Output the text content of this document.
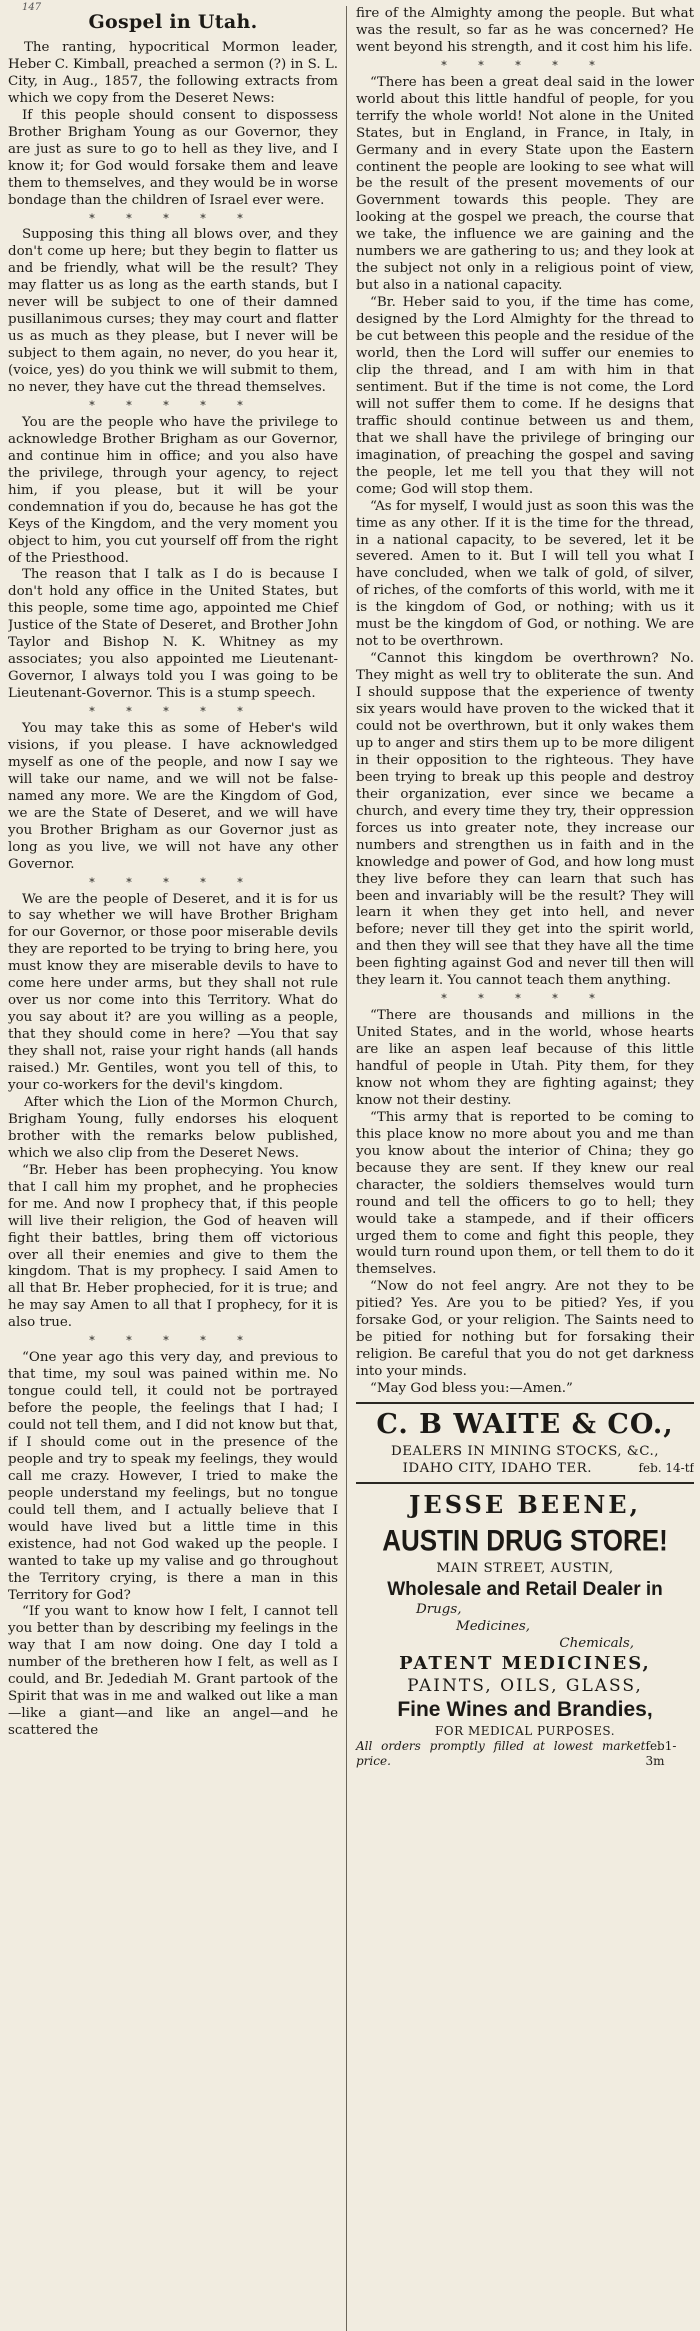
147
Gospel in Utah.

The ranting, hypocritical Mormon leader, Heber C. Kimball, preached a sermon (?) in S. L. City, in Aug., 1857, the following extracts from which we copy from the Deseret News:

If this people should consent to dispossess Brother Brigham Young as our Governor, they are just as sure to go to hell as they live, and I know it; for God would forsake them and leave them to themselves, and they would be in worse bondage than the children of Israel ever were.

* * * * *

Supposing this thing all blows over, and they don't come up here; but they begin to flatter us and be friendly, what will be the result? They may flatter us as long as the earth stands, but I never will be subject to one of their damned pusillanimous curses; they may court and flatter us as much as they please, but I never will be subject to them again, no never, do you hear it, (voice, yes) do you think we will submit to them, no never, they have cut the thread themselves.

* * * * *

You are the people who have the privilege to acknowledge Brother Brigham as our Governor, and continue him in office; and you also have the privilege, through your agency, to reject him, if you please, but it will be your condemnation if you do, because he has got the Keys of the Kingdom, and the very moment you object to him, you cut yourself off from the right of the Priesthood.

The reason that I talk as I do is because I don't hold any office in the United States, but this people, some time ago, appointed me Chief Justice of the State of Deseret, and Brother John Taylor and Bishop N. K. Whitney as my associates; you also appointed me Lieutenant-Governor, I always told you I was going to be Lieutenant-Governor. This is a stump speech.

* * * * *

You may take this as some of Heber's wild visions, if you please. I have acknowledged myself as one of the people, and now I say we will take our name, and we will not be false-named any more. We are the Kingdom of God, we are the State of Deseret, and we will have you Brother Brigham as our Governor just as long as you live, we will not have any other Governor.

* * * * *

We are the people of Deseret, and it is for us to say whether we will have Brother Brigham for our Governor, or those poor miserable devils they are reported to be trying to bring here, you must know they are miserable devils to have to come here under arms, but they shall not rule over us nor come into this Territory. What do you say about it? are you willing as a people, that they should come in here? —You that say they shall not, raise your right hands (all hands raised.) Mr. Gentiles, wont you tell of this, to your co-workers for the devil's kingdom.

After which the Lion of the Mormon Church, Brigham Young, fully endorses his eloquent brother with the remarks below published, which we also clip from the Deseret News.

“Br. Heber has been prophecying. You know that I call him my prophet, and he prophecies for me. And now I prophecy that, if this people will live their religion, the God of heaven will fight their battles, bring them off victorious over all their enemies and give to them the kingdom. That is my prophecy. I said Amen to all that Br. Heber prophecied, for it is true; and he may say Amen to all that I prophecy, for it is also true.

* * * * *

“One year ago this very day, and previous to that time, my soul was pained within me. No tongue could tell, it could not be portrayed before the people, the feelings that I had; I could not tell them, and I did not know but that, if I should come out in the presence of the people and try to speak my feelings, they would call me crazy. However, I tried to make the people understand my feelings, but no tongue could tell them, and I actually believe that I would have lived but a little time in this existence, had not God waked up the people. I wanted to take up my valise and go throughout the Territory crying, is there a man in this Territory for God?

“If you want to know how I felt, I cannot tell you better than by describing my feelings in the way that I am now doing. One day I told a number of the bretheren how I felt, as well as I could, and Br. Jedediah M. Grant partook of the Spirit that was in me and walked out like a man—like a giant—and like an angel—and he scattered the

fire of the Almighty among the people. But what was the result, so far as he was concerned? He went beyond his strength, and it cost him his life.

* * * * *

“There has been a great deal said in the lower world about this little handful of people, for you terrify the whole world! Not alone in the United States, but in England, in France, in Italy, in Germany and in every State upon the Eastern continent the people are looking to see what will be the result of the present movements of our Government towards this people. They are looking at the gospel we preach, the course that we take, the influence we are gaining and the numbers we are gathering to us; and they look at the subject not only in a religious point of view, but also in a national capacity.

“Br. Heber said to you, if the time has come, designed by the Lord Almighty for the thread to be cut between this people and the residue of the world, then the Lord will suffer our enemies to clip the thread, and I am with him in that sentiment. But if the time is not come, the Lord will not suffer them to come. If he designs that traffic should continue between us and them, that we shall have the privilege of bringing our imagination, of preaching the gospel and saving the people, let me tell you that they will not come; God will stop them.

“As for myself, I would just as soon this was the time as any other. If it is the time for the thread, in a national capacity, to be severed, let it be severed. Amen to it. But I will tell you what I have concluded, when we talk of gold, of silver, of riches, of the comforts of this world, with me it is the kingdom of God, or nothing; with us it must be the kingdom of God, or nothing. We are not to be overthrown.

“Cannot this kingdom be overthrown? No. They might as well try to obliterate the sun. And I should suppose that the experience of twenty six years would have proven to the wicked that it could not be overthrown, but it only wakes them up to anger and stirs them up to be more diligent in their opposition to the righteous. They have been trying to break up this people and destroy their organization, ever since we became a church, and every time they try, their oppression forces us into greater note, they increase our numbers and strengthen us in faith and in the knowledge and power of God, and how long must they live before they can learn that such has been and invariably will be the result? They will learn it when they get into hell, and never before; never till they get into the spirit world, and then they will see that they have all the time been fighting against God and never till then will they learn it. You cannot teach them anything.

* * * * *

“There are thousands and millions in the United States, and in the world, whose hearts are like an aspen leaf because of this little handful of people in Utah. Pity them, for they know not whom they are fighting against; they know not their destiny.

“This army that is reported to be coming to this place know no more about you and me than you know about the interior of China; they go because they are sent. If they knew our real character, the soldiers themselves would turn round and tell the officers to go to hell; they would take a stampede, and if their officers urged them to come and fight this people, they would turn round upon them, or tell them to do it themselves.

“Now do not feel angry. Are not they to be pitied? Yes. Are you to be pitied? Yes, if you forsake God, or your religion. The Saints need to be pitied for nothing but for forsaking their religion. Be careful that you do not get darkness into your minds.

“May God bless you:—Amen.”

C. B WAITE & CO.,
DEALERS IN MINING STOCKS, &C.,
IDAHO CITY, IDAHO TER.	feb. 14-tf
JESSE BEENE,
AUSTIN DRUG STORE!
MAIN STREET, AUSTIN,
Wholesale and Retail Dealer in
Drugs,
Medicines,
Chemicals,
PATENT MEDICINES,
PAINTS, OILS, GLASS,
Fine Wines and Brandies,
FOR MEDICAL PURPOSES.
All orders promptly filled at lowest market price.
feb1-3m
